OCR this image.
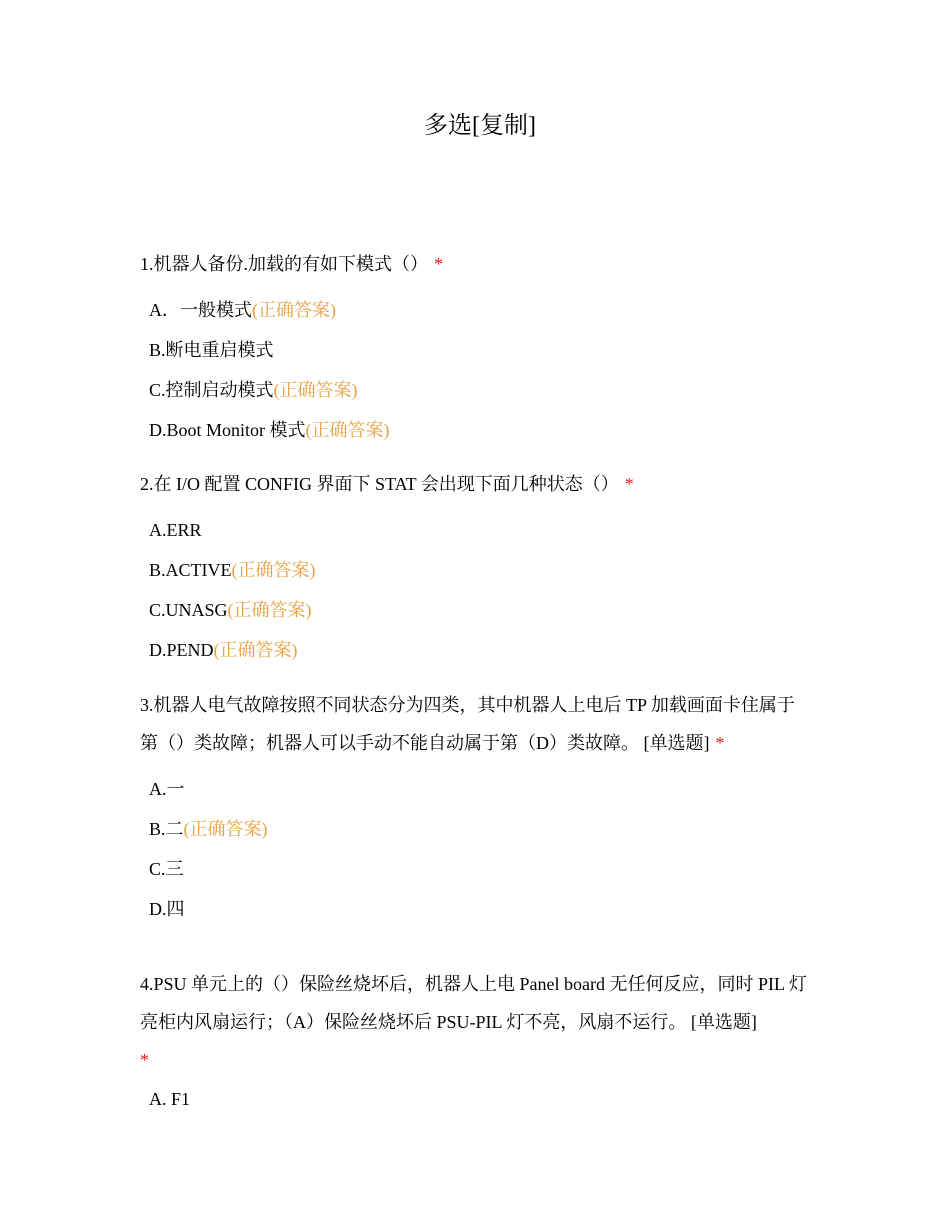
多选[复制]
1.机器人备份.加载的有如下模式（） *
A．一般模式(正确答案)
B.断电重启模式
C.控制启动模式(正确答案)
D.Boot Monitor 模式(正确答案)
2.在 I/O 配置 CONFIG 界面下 STAT 会出现下面几种状态（） *
A.ERR
B.ACTIVE(正确答案)
C.UNASG(正确答案)
D.PEND(正确答案)
3.机器人电气故障按照不同状态分为四类，其中机器人上电后 TP 加载画面卡住属于第（）类故障；机器人可以手动不能自动属于第（D）类故障。 [单选题] *
A.一
B.二(正确答案)
C.三
D.四
4.PSU 单元上的（）保险丝烧坏后，机器人上电 Panel board 无任何反应，同时 PIL 灯亮柜内风扇运行；（A）保险丝烧坏后 PSU-PIL 灯不亮，风扇不运行。 [单选题]
*
A. F1
